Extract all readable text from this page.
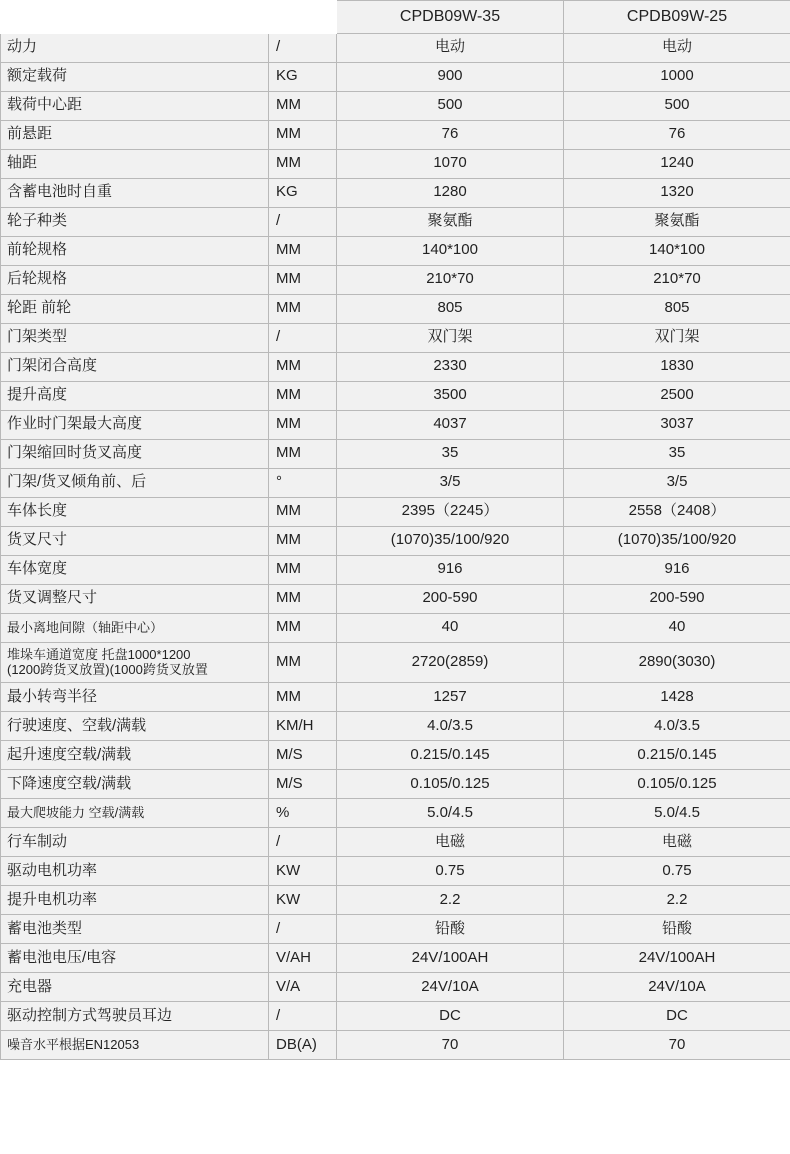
		CPDB09W-35	CPDB09W-25
动力	/	电动	电动
额定载荷	KG	900	1000
载荷中心距	MM	500	500
前悬距	MM	76	76
轴距	MM	1070	1240
含蓄电池时自重	KG	1280	1320
轮子种类	/	聚氨酯	聚氨酯
前轮规格	MM	140*100	140*100
后轮规格	MM	210*70	210*70
轮距 前轮	MM	805	805
门架类型	/	双门架	双门架
门架闭合高度	MM	2330	1830
提升高度	MM	3500	2500
作业时门架最大高度	MM	4037	3037
门架缩回时货叉高度	MM	35	35
门架/货叉倾角前、后	°	3/5	3/5
车体长度	MM	2395（2245）	2558（2408）
货叉尺寸	MM	(1070)35/100/920	(1070)35/100/920
车体宽度	MM	916	916
货叉调整尺寸	MM	200-590	200-590
最小离地间隙（轴距中心）	MM	40	40
堆垛车通道宽度 托盘1000*1200
(1200跨货叉放置)(1000跨货叉放置	MM	2720(2859)	2890(3030)
最小转弯半径	MM	1257	1428
行驶速度、空载/满载	KM/H	4.0/3.5	4.0/3.5
起升速度空载/满载	M/S	0.215/0.145	0.215/0.145
下降速度空载/满载	M/S	0.105/0.125	0.105/0.125
最大爬坡能力 空载/满载	%	5.0/4.5	5.0/4.5
行车制动	/	电磁	电磁
驱动电机功率	KW	0.75	0.75
提升电机功率	KW	2.2	2.2
蓄电池类型	/	铅酸	铅酸
蓄电池电压/电容	V/AH	24V/100AH	24V/100AH
充电器	V/A	24V/10A	24V/10A
驱动控制方式驾驶员耳边	/	DC	DC
噪音水平根据EN12053	DB(A)	70	70
